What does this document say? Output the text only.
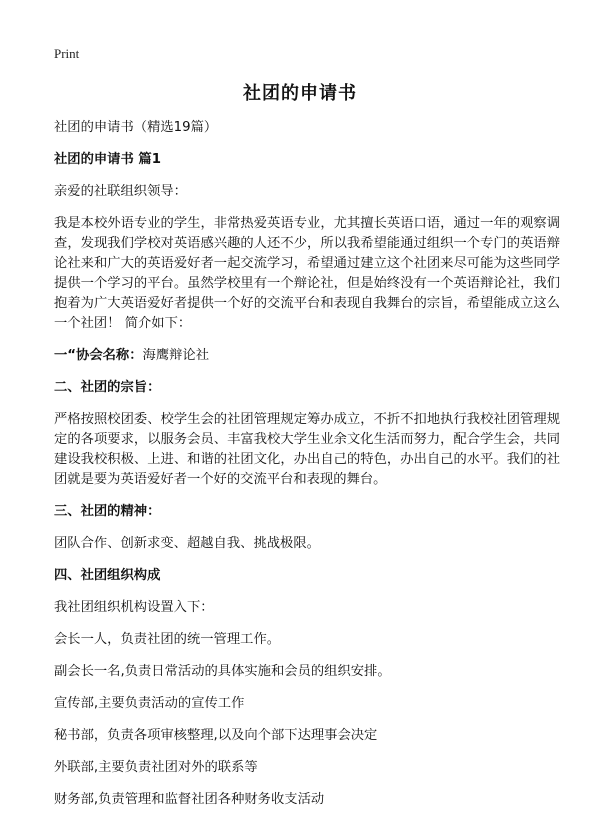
Print
社团的申请书

社团的申请书（精选19篇）

社团的申请书 篇1

亲爱的社联组织领导：

我是本校外语专业的学生，非常热爱英语专业，尤其擅长英语口语，通过一年的观察调查，发现我们学校对英语感兴趣的人还不少，所以我希望能通过组织一个专门的英语辩论社来和广大的英语爱好者一起交流学习，希望通过建立这个社团来尽可能为这些同学提供一个学习的平台。虽然学校里有一个辩论社，但是始终没有一个英语辩论社，我们抱着为广大英语爱好者提供一个好的交流平台和表现自我舞台的宗旨，希望能成立这么一个社团！ 简介如下：

一“协会名称：海鹰辩论社

二、社团的宗旨：

严格按照校团委、校学生会的社团管理规定筹办成立，不折不扣地执行我校社团管理规定的各项要求，以服务会员、丰富我校大学生业余文化生活而努力，配合学生会，共同建设我校积极、上进、和谐的社团文化，办出自己的特色，办出自己的水平。我们的社团就是要为英语爱好者一个好的交流平台和表现的舞台。

三、社团的精神：

团队合作、创新求变、超越自我、挑战极限。

四、社团组织构成

我社团组织机构设置入下：

会长一人，负责社团的统一管理工作。

副会长一名,负责日常活动的具体实施和会员的组织安排。

宣传部,主要负责活动的宣传工作

秘书部，负责各项审核整理,以及向个部下达理事会决定

外联部,主要负责社团对外的联系等

财务部,负责管理和监督社团各种财务收支活动
